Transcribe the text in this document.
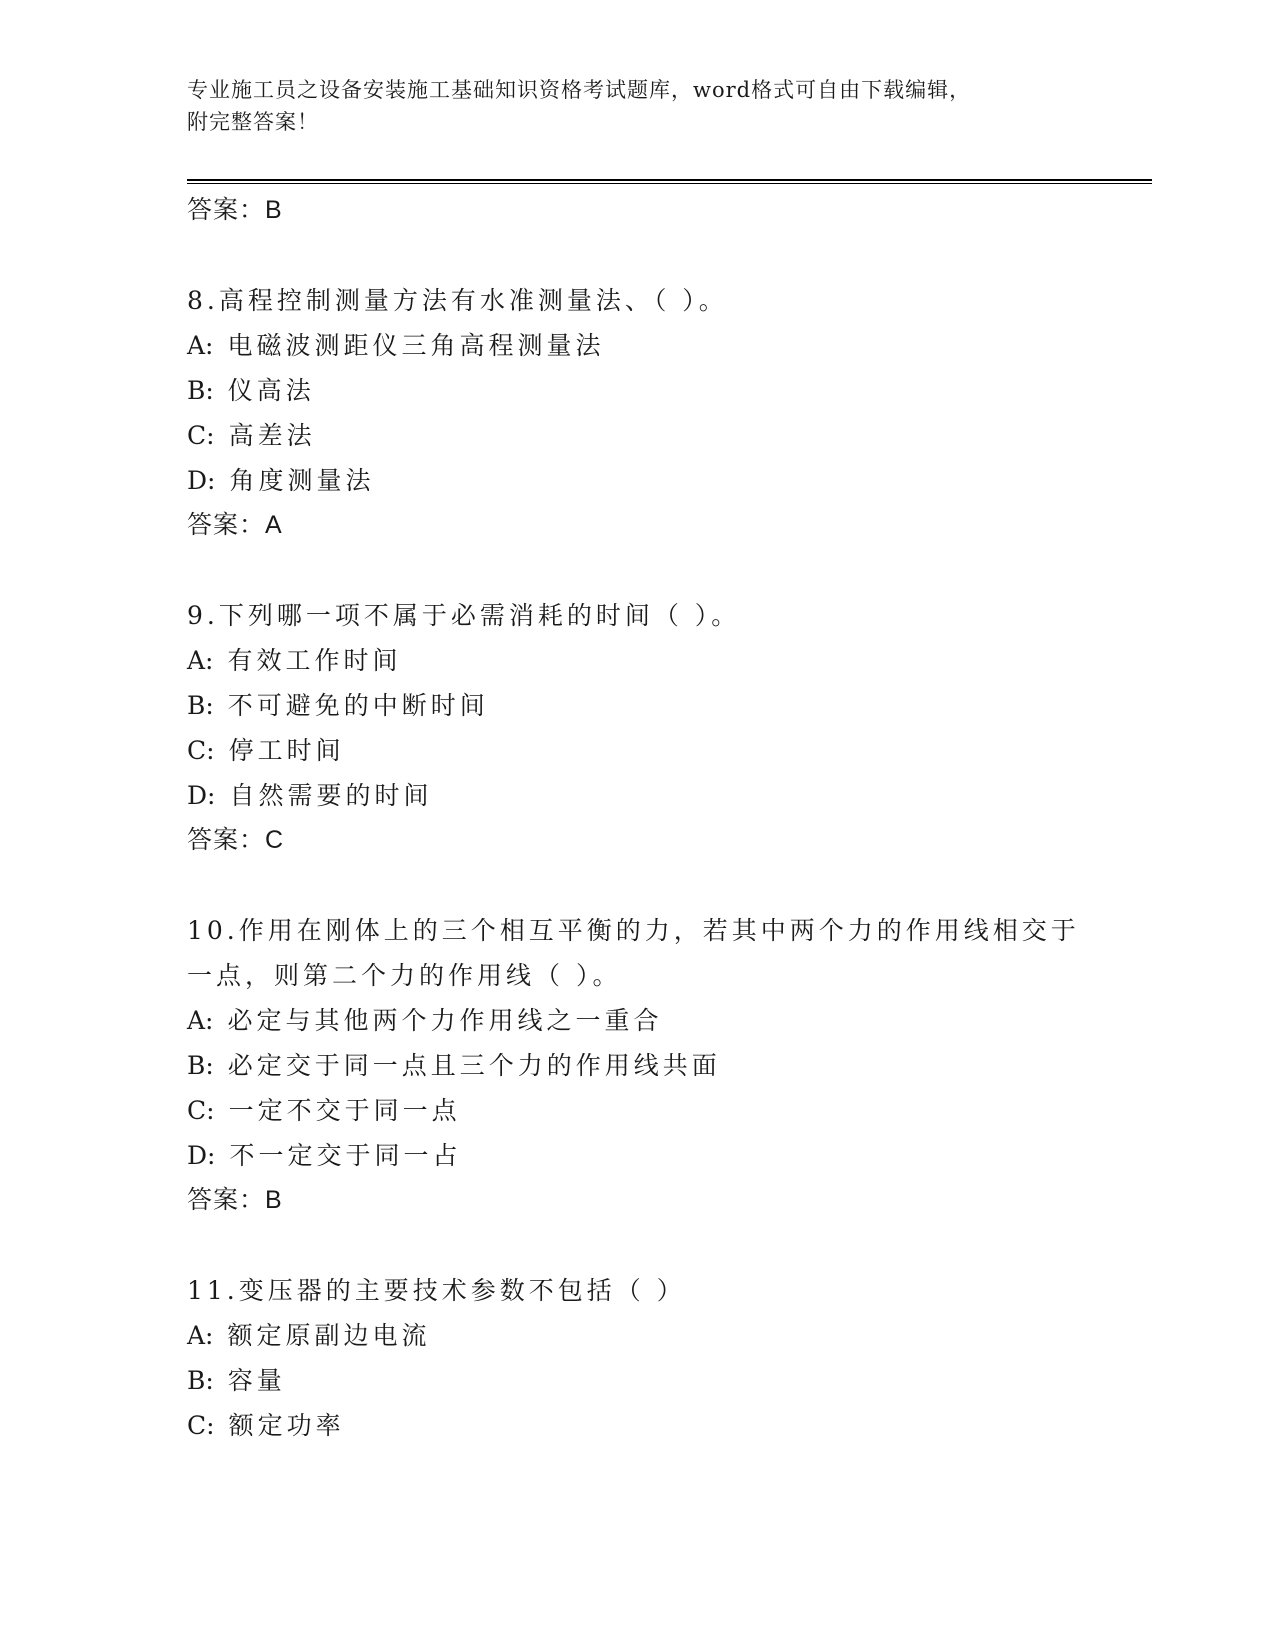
专业施工员之设备安装施工基础知识资格考试题库，word格式可自由下载编辑，
附完整答案！
答案：B
8.高程控制测量方法有水准测量法、（ ）。
A: 电磁波测距仪三角高程测量法
B: 仪高法
C: 高差法
D: 角度测量法
答案：A
9.下列哪一项不属于必需消耗的时间（ ）。
A: 有效工作时间
B: 不可避免的中断时间
C: 停工时间
D: 自然需要的时间
答案：C
10.作用在刚体上的三个相互平衡的力，若其中两个力的作用线相交于一点，则第二个力的作用线（ ）。
A: 必定与其他两个力作用线之一重合
B: 必定交于同一点且三个力的作用线共面
C: 一定不交于同一点
D: 不一定交于同一占
答案：B
11.变压器的主要技术参数不包括（ ）
A: 额定原副边电流
B: 容量
C: 额定功率
